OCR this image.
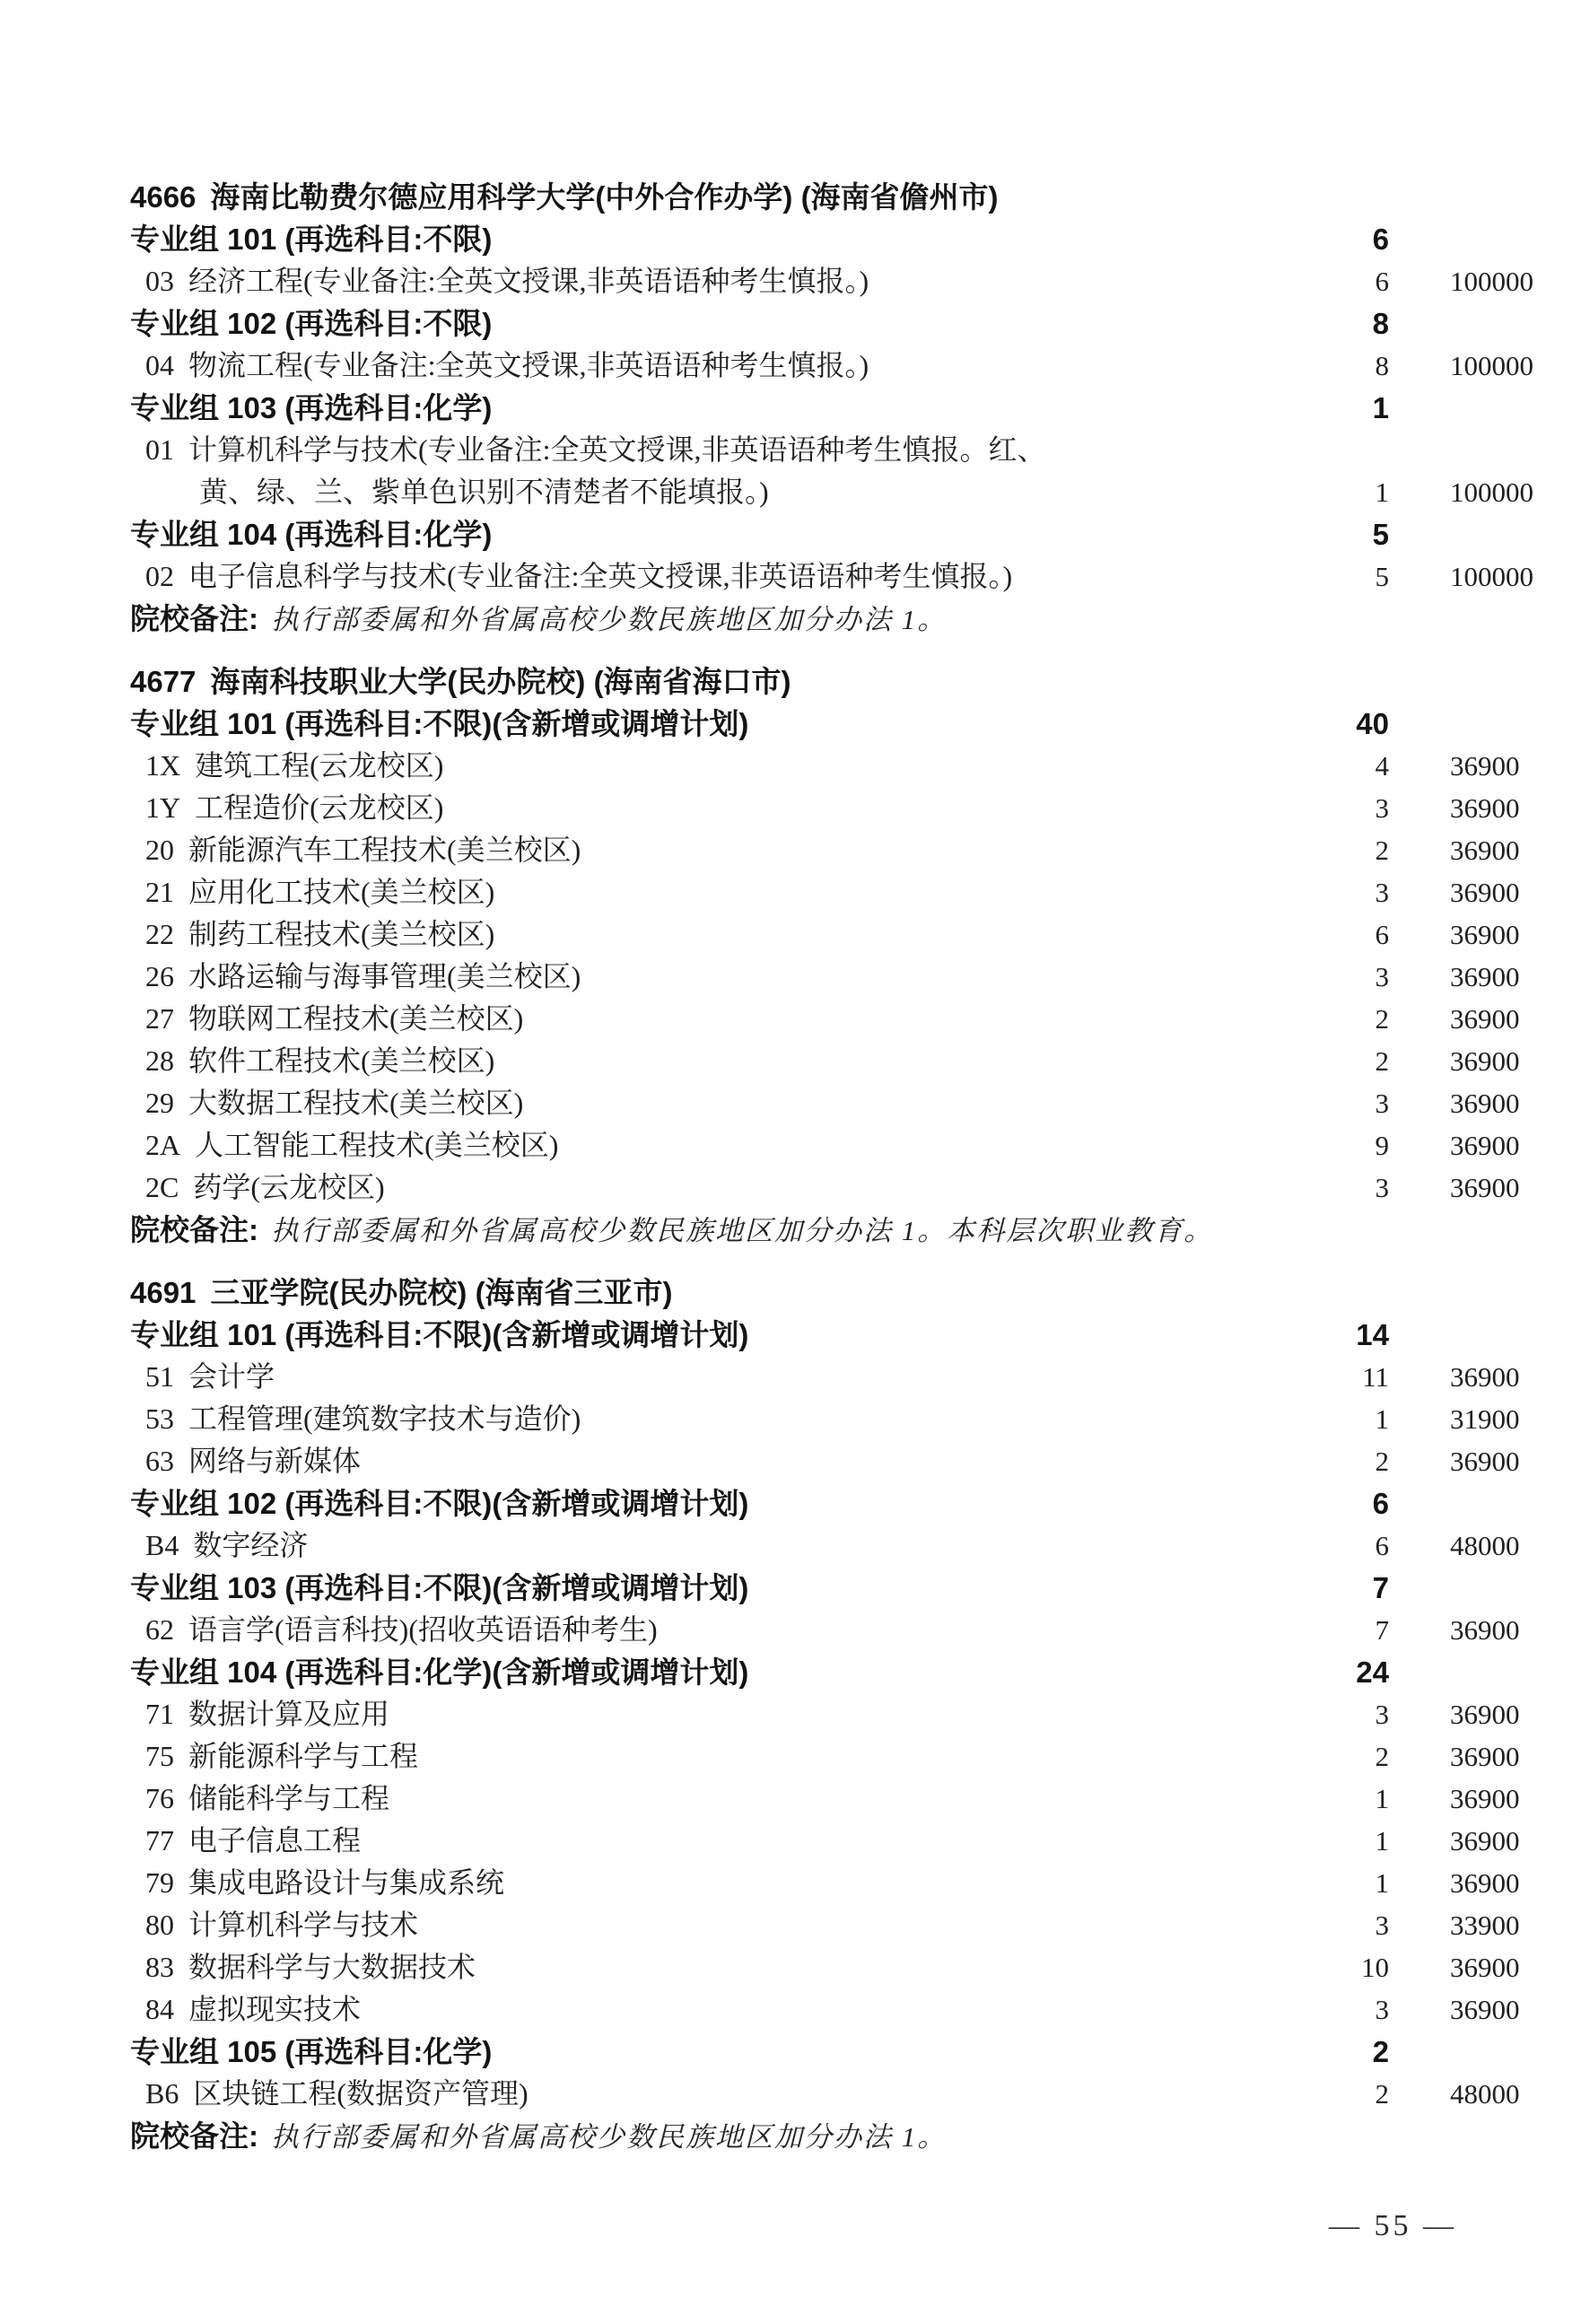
4666 海南比勒费尔德应用科学大学(中外合作办学) (海南省儋州市)
专业组 101 (再选科目:不限)	6
03 经济工程(专业备注:全英文授课,非英语语种考生慎报。)	6 100000
专业组 102 (再选科目:不限)	8
04 物流工程(专业备注:全英文授课,非英语语种考生慎报。)	8 100000
专业组 103 (再选科目:化学)	1
01 计算机科学与技术(专业备注:全英文授课,非英语语种考生慎报。红、
黄、绿、兰、紫单色识别不清楚者不能填报。)	1 100000
专业组 104 (再选科目:化学)	5
02 电子信息科学与技术(专业备注:全英文授课,非英语语种考生慎报。)	5 100000
院校备注: 执行部委属和外省属高校少数民族地区加分办法 1。
4677 海南科技职业大学(民办院校) (海南省海口市)
专业组 101 (再选科目:不限)(含新增或调增计划)	40
1X 建筑工程(云龙校区)	4 36900
1Y 工程造价(云龙校区)	3 36900
20 新能源汽车工程技术(美兰校区)	2 36900
21 应用化工技术(美兰校区)	3 36900
22 制药工程技术(美兰校区)	6 36900
26 水路运输与海事管理(美兰校区)	3 36900
27 物联网工程技术(美兰校区)	2 36900
28 软件工程技术(美兰校区)	2 36900
29 大数据工程技术(美兰校区)	3 36900
2A 人工智能工程技术(美兰校区)	9 36900
2C 药学(云龙校区)	3 36900
院校备注: 执行部委属和外省属高校少数民族地区加分办法 1。本科层次职业教育。
4691 三亚学院(民办院校) (海南省三亚市)
专业组 101 (再选科目:不限)(含新增或调增计划)	14
51 会计学	11 36900
53 工程管理(建筑数字技术与造价)	1 31900
63 网络与新媒体	2 36900
专业组 102 (再选科目:不限)(含新增或调增计划)	6
B4 数字经济	6 48000
专业组 103 (再选科目:不限)(含新增或调增计划)	7
62 语言学(语言科技)(招收英语语种考生)	7 36900
专业组 104 (再选科目:化学)(含新增或调增计划)	24
71 数据计算及应用	3 36900
75 新能源科学与工程	2 36900
76 储能科学与工程	1 36900
77 电子信息工程	1 36900
79 集成电路设计与集成系统	1 36900
80 计算机科学与技术	3 33900
83 数据科学与大数据技术	10 36900
84 虚拟现实技术	3 36900
专业组 105 (再选科目:化学)	2
B6 区块链工程(数据资产管理)	2 48000
院校备注: 执行部委属和外省属高校少数民族地区加分办法 1。
— 55 —
